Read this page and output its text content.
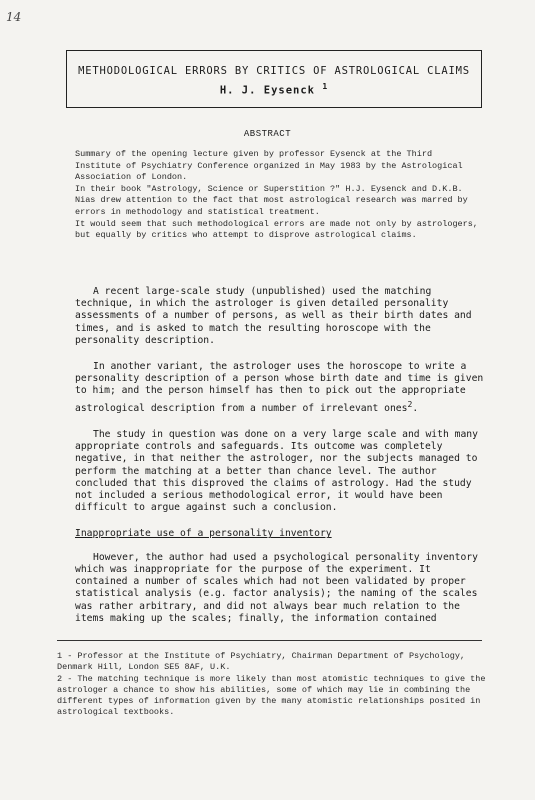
14
METHODOLOGICAL ERRORS BY CRITICS OF ASTROLOGICAL CLAIMS
H. J. Eysenck $^1$
ABSTRACT

Summary of the opening lecture given by professor Eysenck at the Third Institute of Psychiatry Conference organized in May 1983 by the Astrological Association of London.

In their book "Astrology, Science or Superstition ?" H.J. Eysenck and D.K.B. Nias drew attention to the fact that most astrological research was marred by errors in methodology and statistical treatment.

It would seem that such methodological errors are made not only by astrologers, but equally by critics who attempt to disprove astrological claims.

A recent large-scale study (unpublished) used the matching technique, in which the astrologer is given detailed personality assessments of a number of persons, as well as their birth dates and times, and is asked to match the resulting horoscope with the personality description.

In another variant, the astrologer uses the horoscope to write a personality description of a person whose birth date and time is given to him; and the person himself has then to pick out the appropriate astrological description from a number of irrelevant ones$^2$.

The study in question was done on a very large scale and with many appropriate controls and safeguards. Its outcome was completely negative, in that neither the astrologer, nor the subjects managed to perform the matching at a better than chance level. The author concluded that this disproved the claims of astrology. Had the study not included a serious methodological error, it would have been difficult to argue against such a conclusion.

Inappropriate use of a personality inventory

However, the author had used a psychological personality inventory which was inappropriate for the purpose of the experiment. It contained a number of scales which had not been validated by proper statistical analysis (e.g. factor analysis); the naming of the scales was rather arbitrary, and did not always bear much relation to the items making up the scales; finally, the information contained

1 - Professor at the Institute of Psychiatry, Chairman Department of Psychology, Denmark Hill, London SE5 8AF, U.K.

2 - The matching technique is more likely than most atomistic techniques to give the astrologer a chance to show his abilities, some of which may lie in combining the different types of information given by the many atomistic relationships posited in astrological textbooks.
